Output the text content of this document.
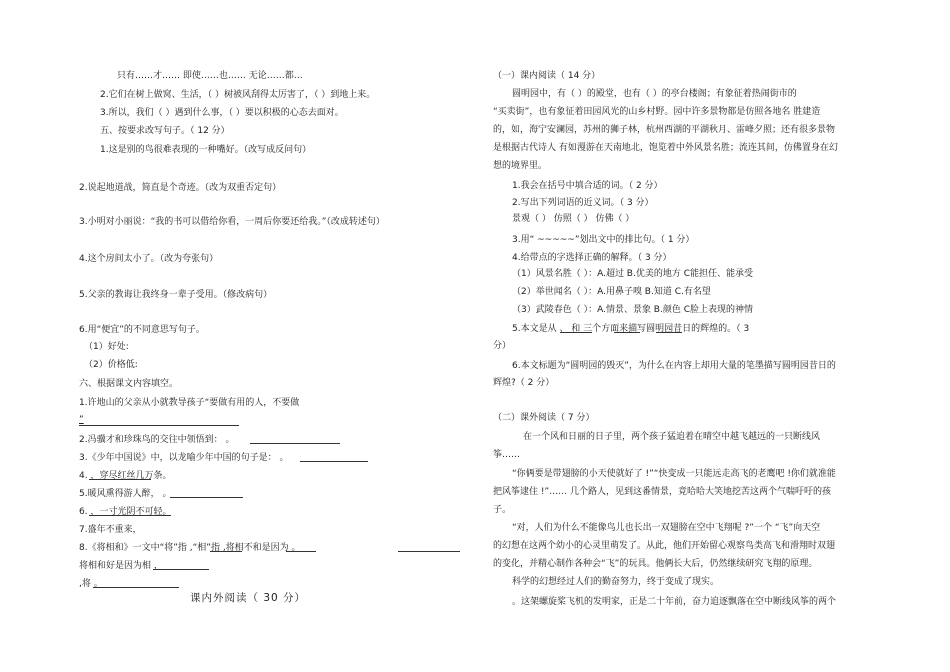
只有……才…… 即使……也…… 无论……都…
2.它们在树上做窝、生活，（ ）树被风刮得太厉害了，（ ）到地上来。
3.所以，我们（ ）遇到什么事，（ ）要以积极的心态去面对。
五、按要求改写句子。（ 12 分）
1.这是别的鸟很难表现的一种嘴好。（改写成反问句）
2.说起地道战，简直是个奇迹。（改为双重否定句）
3.小明对小丽说：“我的书可以借给你看，一周后你要还给我。”（改成转述句）
4.这个房间太小了。（改为夸张句）
5.父亲的教诲让我终身一辈子受用。（修改病句）
6.用“便宜”的不同意思写句子。
（1）好处:
（2）价格低:
六、根据课文内容填空。
1.许地山的父亲从小就教导孩子“要做有用的人，不要做
”
2.冯骥才和珍珠鸟的交往中领悟到： 。
3.《少年中国说》中，以龙喻少年中国的句子是： 。
4. ，穿尽红丝几万条。
5.暖风熏得游人醉， 。
6. ，一寸光阴不可轻。
7.盛年不重来，
8.《将相和》一文中“将”指 ,“相”指 ,将相不和是因为 。
将相和好是因为相 ，
,将 。
课内外阅读（ 30 分）
（一）课内阅读（ 14 分）
圆明园中，有（ ）的殿堂，也有（ ）的亭台楼阁；有象征着热闹街市的
“买卖街”，也有象征着田园风光的山乡村野。园中许多景物都是仿照各地名 胜建造
的，如，海宁安澜园，苏州的狮子林，杭州西湖的平湖秋月、雷峰夕照；还有很多景物
是根据古代诗人 有如漫游在天南地北，饱览着中外风景名胜；流连其间，仿佛置身在幻
想的境界里。
1.我会在括号中填合适的词。（ 2 分）
2.写出下列词语的近义词。（ 3 分）
景观（ ） 仿照（ ） 仿佛（ ）
3.用“ ~~~~~”划出文中的排比句。（ 1 分）
4.给带点的字选择正确的解释。（ 3 分）
（1）风景名胜（ ）：A.超过 B.优美的地方 C能担任、能承受
（2）举世闻名（ ）：A.用鼻子嗅 B.知道 C.有名望
（3）武陵春色（ ）：A.情景、景象 B.颜色 C脸上表现的神情
5.本文是从 、 和 三个方面来描写圆明园昔日的辉煌的。（ 3
分）
6.本文标题为“圆明园的毁灭”，为什么在内容上却用大量的笔墨描写圆明园昔日的
辉煌?（ 2 分）
（二）课外阅读（ 7 分）
在一个风和日丽的日子里，两个孩子猛追着在晴空中越飞越远的一只断线风
筝……
“你俩要是带翅膀的小天使就好了 !”“快变成一只能远走高飞的老鹰吧 !你们就准能
把风筝逮住 !”…… 几个路人，见到这番情景，竟哈哈大笑地挖苦这两个气喘吁吁的孩
子。
“对，人们为什么不能像鸟儿也长出一双翅膀在空中飞翔呢 ?”一个 “飞”向天空
的幻想在这两个幼小的心灵里萌发了。从此，他们开始留心观察鸟类高飞和滑翔时双翅
的变化，并精心制作各种会“飞”的玩具。他俩长大后，仍然继续研究飞翔的原理。
科学的幻想经过人们的勤奋努力，终于变成了现实。
。这架螺旋桨飞机的发明家，正是二十年前，奋力追逐飘落在空中断线风筝的两个
